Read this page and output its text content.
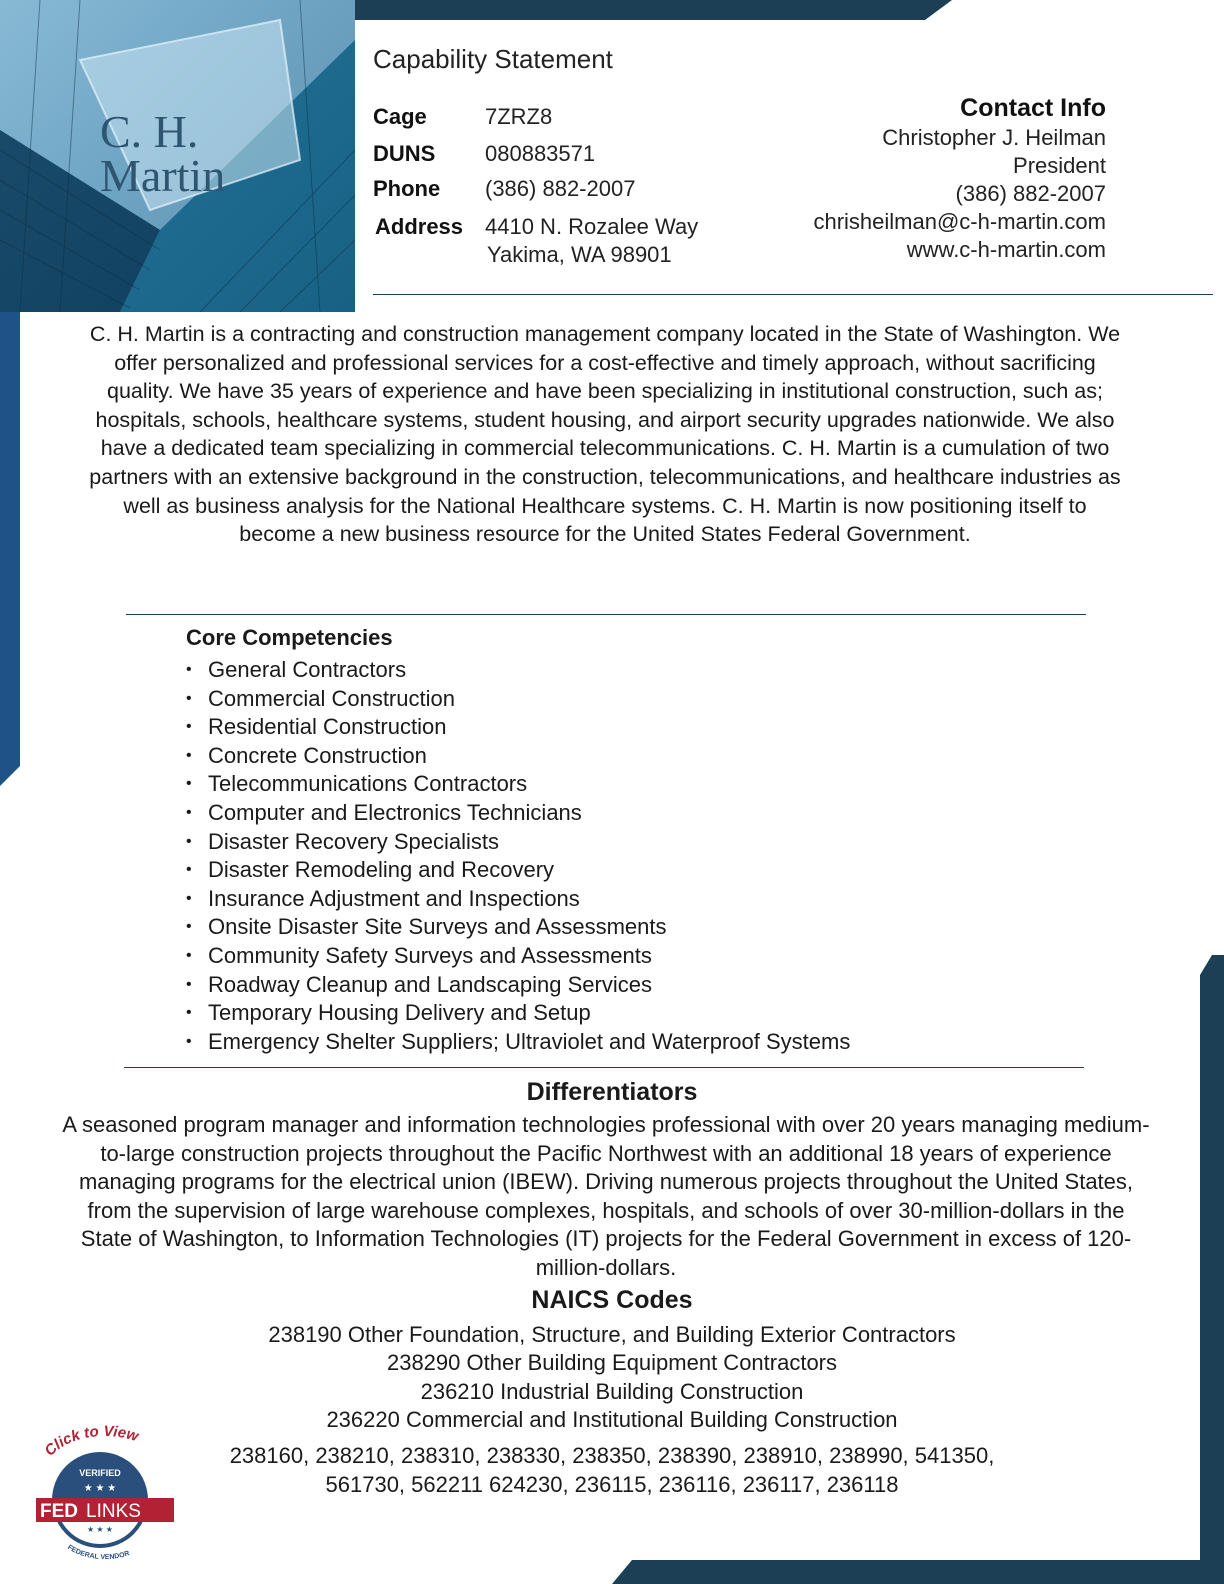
C. H.
Martin
Capability Statement
Cage	7ZRZ8
DUNS 080883571
Phone (386) 882-2007
Address 4410 N. Rozalee Way
Yakima, WA 98901
Contact Info
Christopher J. Heilman
President
(386) 882-2007
chrisheilman@c-h-martin.com
www.c-h-martin.com
C. H. Martin is a contracting and construction management company located in the State of Washington. We offer personalized and professional services for a cost-effective and timely approach, without sacrificing quality. We have 35 years of experience and have been specializing in institutional construction, such as; hospitals, schools, healthcare systems, student housing, and airport security upgrades nationwide. We also have a dedicated team specializing in commercial telecommunications. C. H. Martin is a cumulation of two partners with an extensive background in the construction, telecommunications, and healthcare industries as well as business analysis for the National Healthcare systems. C. H. Martin is now positioning itself to become a new business resource for the United States Federal Government.
Core Competencies
• General Contractors
• Commercial Construction
• Residential Construction
• Concrete Construction
• Telecommunications Contractors
• Computer and Electronics Technicians
• Disaster Recovery Specialists
• Disaster Remodeling and Recovery
• Insurance Adjustment and Inspections
• Onsite Disaster Site Surveys and Assessments
• Community Safety Surveys and Assessments
• Roadway Cleanup and Landscaping Services
• Temporary Housing Delivery and Setup
• Emergency Shelter Suppliers; Ultraviolet and Waterproof Systems
Differentiators
A seasoned program manager and information technologies professional with over 20 years managing medium-to-large construction projects throughout the Pacific Northwest with an additional 18 years of experience managing programs for the electrical union (IBEW). Driving numerous projects throughout the United States, from the supervision of large warehouse complexes, hospitals, and schools of over 30-million-dollars in the State of Washington, to Information Technologies (IT) projects for the Federal Government in excess of 120-million-dollars.
NAICS Codes
238190 Other Foundation, Structure, and Building Exterior Contractors
238290 Other Building Equipment Contractors
236210 Industrial Building Construction
236220 Commercial and Institutional Building Construction
238160, 238210, 238310, 238330, 238350, 238390, 238910, 238990, 541350,
561730, 562211 624230, 236115, 236116, 236117, 236118
Click to View
VERIFIED
★ ★ ★
FED LINKS
★ ★ ★
FEDERAL VENDOR
